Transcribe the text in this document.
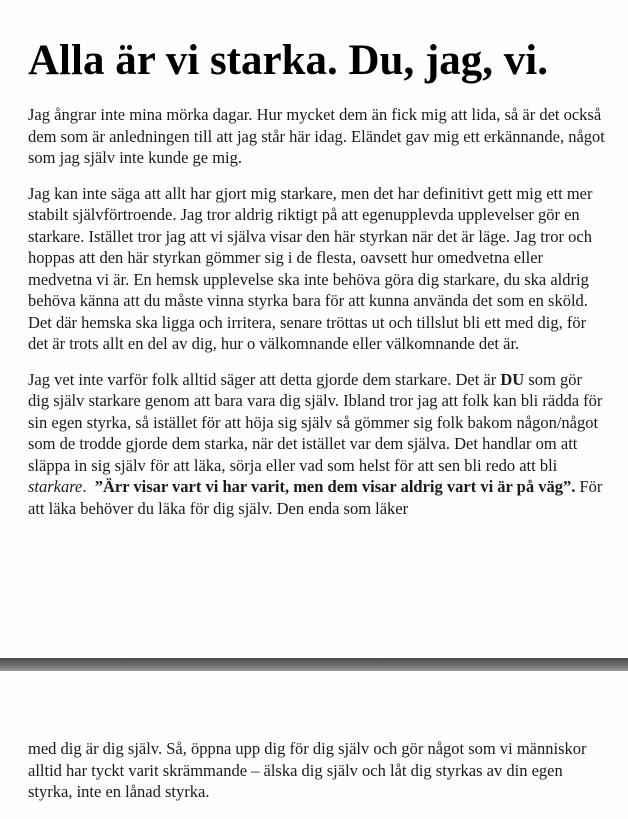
Alla är vi starka. Du, jag, vi.

Jag ångrar inte mina mörka dagar. Hur mycket dem än fick mig att lida, så är det också dem som är anledningen till att jag står här idag. Eländet gav mig ett erkännande, något som jag själv inte kunde ge mig.

Jag kan inte säga att allt har gjort mig starkare, men det har definitivt gett mig ett mer stabilt självförtroende. Jag tror aldrig riktigt på att egenupplevda upplevelser gör en starkare. Istället tror jag att vi själva visar den här styrkan när det är läge. Jag tror och hoppas att den här styrkan gömmer sig i de flesta, oavsett hur omedvetna eller medvetna vi är. En hemsk upplevelse ska inte behöva göra dig starkare, du ska aldrig behöva känna att du måste vinna styrka bara för att kunna använda det som en sköld. Det där hemska ska ligga och irritera, senare tröttas ut och tillslut bli ett med dig, för det är trots allt en del av dig, hur o välkomnande eller välkomnande det är.

Jag vet inte varför folk alltid säger att detta gjorde dem starkare. Det är DU som gör dig själv starkare genom att bara vara dig själv. Ibland tror jag att folk kan bli rädda för sin egen styrka, så istället för att höja sig själv så gömmer sig folk bakom någon/något som de trodde gjorde dem starka, när det istället var dem själva. Det handlar om att släppa in sig själv för att läka, sörja eller vad som helst för att sen bli redo att bli starkare.  ”Ärr visar vart vi har varit, men dem visar aldrig vart vi är på väg”. För att läka behöver du läka för dig själv. Den enda som läker

med dig är dig själv. Så, öppna upp dig för dig själv och gör något som vi människor alltid har tyckt varit skrämmande – älska dig själv och låt dig styrkas av din egen styrka, inte en lånad styrka.
